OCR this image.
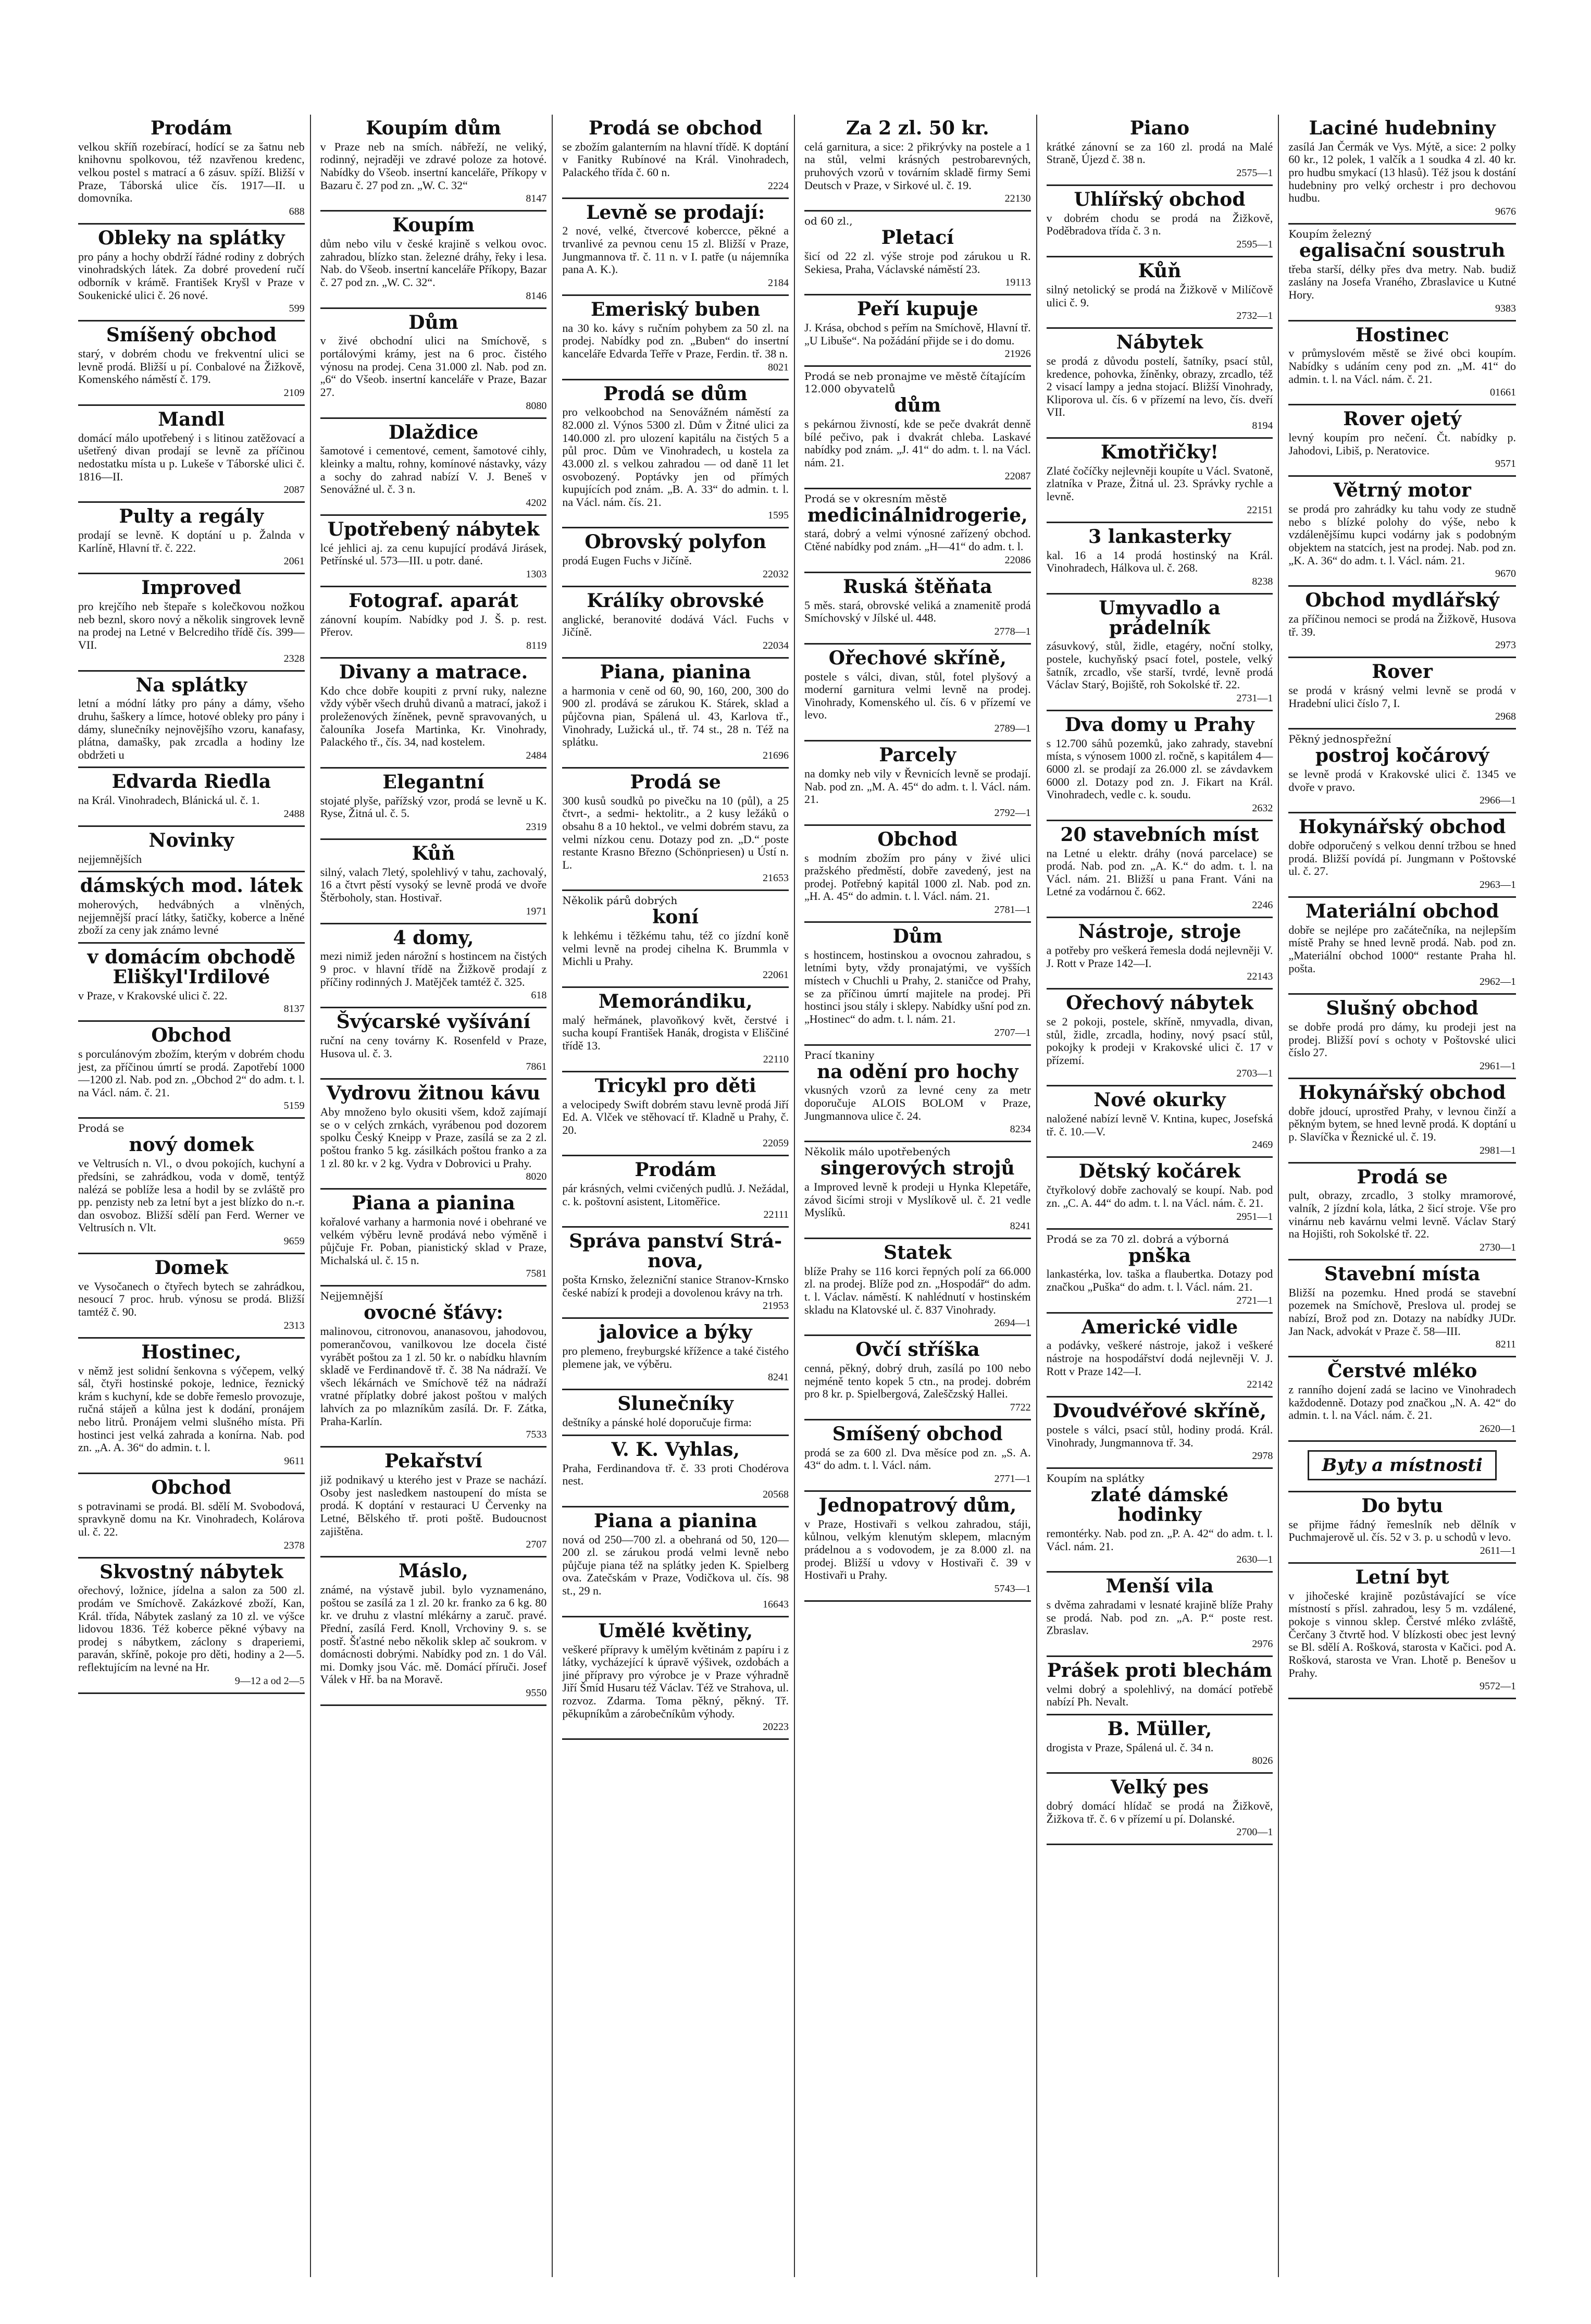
Prodám

velkou skříň rozebírací, hodící se za šatnu neb knihovnu spolkovou, též nzavřenou kredenc, velkou postel s matrací a 6 zásuv. spíží. Bližší v Praze, Táborská ulice čís. 1917—II. u domovníka.

688
Obleky na splátky

pro pány a hochy obdrží řádné rodiny z dobrých vinohradských látek. Za dobré provedení ručí odborník v krámě. František Kryšl v Praze v Soukenické ulici č. 26 nové.

599
Smíšený obchod

starý, v dobrém chodu ve frekventní ulici se levně prodá. Bližší u pí. Conbalové na Žižkově, Komenského náměstí č. 179.

2109
Mandl

domácí málo upotřebený i s litinou zatěžovací a ušetřený divan prodají se levně za příčinou nedostatku místa u p. Lukeše v Táborské ulici č. 1816—II.

2087
Pulty a regály

prodají se levně. K doptání u p. Žalnda v Karlíně, Hlavní tř. č. 222.

2061
Improved

pro krejčího neb štepaře s kolečkovou nožkou neb beznl, skoro nový a několik singrovek levně na prodej na Letné v Belcrediho třídě čís. 399—VII.

2328
Na splátky

letní a módní látky pro pány a dámy, všeho druhu, šaškery a límce, hotové obleky pro pány i dámy, slunečníky nejnovějšího vzoru, kanafasy, plátna, damašky, pak zrcadla a hodiny lze obdržeti u

Edvarda Riedla

na Král. Vinohradech, Blánická ul. č. 1.

2488
Novinky

nejjemnějších

dámských mod. látek

moherových, hedvábných a vlněných, nejjemnější prací látky, šatičky, koberce a lněné zboží za ceny jak známo levné

v domácím obchodě Eliškyl'Irdilové

v Praze, v Krakovské ulici č. 22.

8137
Obchod

s porculánovým zbožím, kterým v dobrém chodu jest, za příčinou úmrtí se prodá. Zapotřebí 1000—1200 zl. Nab. pod zn. „Obchod 2“ do adm. t. l. na Václ. nám. č. 21.

5159
Prodá se
nový domek

ve Veltrusích n. Vl., o dvou pokojích, kuchyní a předsíni, se zahrádkou, voda v domě, tentýž nalézá se poblíže lesa a hodil by se zvláště pro pp. penzisty neb za letní byt a jest blízko do n.-r. dan osvoboz. Bližší sdělí pan Ferd. Werner ve Veltrusích n. Vlt.

9659
Domek

ve Vysočanech o čtyřech bytech se zahrádkou, nesoucí 7 proc. hrub. výnosu se prodá. Bližší tamtéž č. 90.

2313
Hostinec,

v němž jest solidní šenkovna s výčepem, velký sál, čtyři hostinské pokoje, lednice, řeznický krám s kuchyní, kde se dobře řemeslo provozuje, ručná stájeň a kůlna jest k dodání, pronájem nebo litrů. Pronájem velmi slušného místa. Při hostinci jest velká zahrada a konírna. Nab. pod zn. „A. A. 36“ do admin. t. l.

9611
Obchod

s potravinami se prodá. Bl. sdělí M. Svobodová, spravkyně domu na Kr. Vinohradech, Kolárova ul. č. 22.

2378
Skvostný nábytek

ořechový, ložnice, jídelna a salon za 500 zl. prodám ve Smíchově. Zakázkové zboží, Kan, Král. třída, Nábytek zaslaný za 10 zl. ve výšce lidovou 1836. Též koberce pěkné výbavy na prodej s nábytkem, záclony s draperiemi, paraván, skříně, pokoje pro děti, hodiny a 2—5. reflektujícím na levné na Hr.

9—12 a od 2—5
Koupím dům

v Praze neb na smích. nábřeží, ne veliký, rodinný, nejraději ve zdravé poloze za hotové. Nabídky do Všeob. insertní kanceláře, Příkopy v Bazaru č. 27 pod zn. „W. C. 32“

8147
Koupím

dům nebo vilu v české krajině s velkou ovoc. zahradou, blízko stan. železné dráhy, řeky i lesa. Nab. do Všeob. insertní kanceláře Příkopy, Bazar č. 27 pod zn. „W. C. 32“.

8146
Dům

v živé obchodní ulici na Smíchově, s portálovými krámy, jest na 6 proc. čistého výnosu na prodej. Cena 31.000 zl. Nab. pod zn. „6“ do Všeob. insertní kanceláře v Praze, Bazar 27.

8080
Dlaždice

šamotové i cementové, cement, šamotové cihly, kleinky a maltu, rohny, komínové nástavky, vázy a sochy do zahrad nabízí V. J. Beneš v Senovážné ul. č. 3 n.

4202
Upotřebený nábytek

lcé jehlici aj. za cenu kupující prodává Jirásek, Petřínské ul. 573—III. u potr. dané.

1303
Fotograf. aparát

zánovní koupím. Nabídky pod J. Š. p. rest. Přerov.

8119
Divany a matrace.

Kdo chce dobře koupiti z první ruky, nalezne vždy výběr všech druhů divanů a matrací, jakož i proleženových žíněnek, pevně spravovaných, u čalouníka Josefa Martinka, Kr. Vinohrady, Palackého tř., čís. 34, nad kostelem.

2484
Elegantní

stojaté plyše, pařížský vzor, prodá se levně u K. Ryse, Žitná ul. č. 5.

2319
Kůň

silný, valach 7letý, spolehlivý v tahu, zachovalý, 16 a čtvrt pěstí vysoký se levně prodá ve dvoře Štěrboholy, stan. Hostivař.

1971
4 domy,

mezi nimiž jeden nárožní s hostincem na čistých 9 proc. v hlavní třídě na Žižkově prodají z příčiny rodinných J. Matějček tamtéž č. 325.

618
Švýcarské vyšívání

ruční na ceny továrny K. Rosenfeld v Praze, Husova ul. č. 3.

7861
Vydrovu žitnou kávu

Aby množeno bylo okusiti všem, kdož zajímají se o v celých zrnkách, vyrábenou pod dozorem spolku Český Kneipp v Praze, zasílá se za 2 zl. poštou franko 5 kg. zásilkách poštou franko a za 1 zl. 80 kr. v 2 kg. Vydra v Dobrovici u Prahy.

8020
Piana a pianina

kořalové varhany a harmonia nové i obehrané ve velkém výběru levně prodává nebo výměně i půjčuje Fr. Poban, pianistický sklad v Praze, Michalská ul. č. 15 n.

7581
Nejjemnější
ovocné šťávy:

malinovou, citronovou, ananasovou, jahodovou, pomerančovou, vanilkovou lze docela čisté vyrábět poštou za 1 zl. 50 kr. o nabídku hlavním skladě ve Ferdinandově tř. č. 38 Na nádraží. Ve všech lékárnách ve Smíchově též na nádraží vratné příplatky dobré jakost poštou v malých lahvích za po mlazníkům zasílá. Dr. F. Zátka, Praha-Karlín.

7533
Pekařství

již podnikavý u kterého jest v Praze se nachází. Osoby jest nasledkem nastoupení do místa se prodá. K doptání v restauraci U Červenky na Letné, Bělského tř. proti poště. Budoucnost zajištěna.

2707
Máslo,

známé, na výstavě jubil. bylo vyznamenáno, poštou se zasílá za 1 zl. 20 kr. franko za 6 kg. 80 kr. ve druhu z vlastní mlékárny a zaruč. pravé. Přední, zasílá Ferd. Knoll, Vrchoviny 9. s. se postř. Šťastné nebo několik sklep ač soukrom. v domácnosti dobrými. Nabídky pod zn. 1 do Vál. mi. Domky jsou Vác. mě. Domácí příruči. Josef Válek v Hř. ba na Moravě.

9550
Prodá se obchod

se zbožím galanterním na hlavní třídě. K doptání v Fanitky Rubínové na Král. Vinohradech, Palackého třída č. 60 n.

2224
Levně se prodají:

2 nové, velké, čtvercové kobercce, pěkné a trvanlivé za pevnou cenu 15 zl. Bližší v Praze, Jungmannova tř. č. 11 n. v I. patře (u nájemníka pana A. K.).

2184
Emeriský buben

na 30 ko. kávy s ručním pohybem za 50 zl. na prodej. Nabídky pod zn. „Buben“ do insertní kanceláře Edvarda Teřře v Praze, Ferdin. tř. 38 n.

8021
Prodá se dům

pro velkoobchod na Senovážném náměstí za 82.000 zl. Výnos 5300 zl. Dům v Žitné ulici za 140.000 zl. pro ulození kapitálu na čistých 5 a půl proc. Dům ve Vinohradech, u kostela za 43.000 zl. s velkou zahradou — od daně 11 let osvobozený. Poptávky jen od přímých kupujících pod znám. „B. A. 33“ do admin. t. l. na Václ. nám. čís. 21.

1595
Obrovský polyfon

prodá Eugen Fuchs v Jičíně.

22032
Králíky obrovské

anglické, beranovité dodává Václ. Fuchs v Jičíně.

22034
Piana, pianina

a harmonia v ceně od 60, 90, 160, 200, 300 do 900 zl. prodává se zárukou K. Stárek, sklad a půjčovna pian, Spálená ul. 43, Karlova tř., Vinohrady, Lužická ul., tř. 74 st., 28 n. Též na splátku.

21696
Prodá se

300 kusů soudků po pivečku na 10 (půl), a 25 čtvrt-, a sedmi- hektolitr., a 2 kusy ležáků o obsahu 8 a 10 hektol., ve velmi dobrém stavu, za velmi nízkou cenu. Dotazy pod zn. „D.“ poste restante Krasno Březno (Schönpriesen) u Ústí n. L.

21653
Několik párů dobrých
koní

k lehkému i těžkému tahu, též co jízdní koně velmi levně na prodej cihelna K. Brummla v Michli u Prahy.

22061
Memorándiku,

malý heřmánek, plavoňkový květ, čerstvé i sucha koupí František Hanák, drogista v Eliščiné třídě 13.

22110
Tricykl pro děti

a velocipedy Swift dobrém stavu levně prodá Jiří Ed. A. Vlček ve stěhovací tř. Kladně u Prahy, č. 20.

22059
Prodám

pár krásných, velmi cvičených pudlů. J. Nežádal, c. k. poštovní asistent, Litoměřice.

22111
Správa panství Strá-nova,

pošta Krnsko, železniční stanice Stranov-Krnsko české nabízí k prodeji a dovolenou krávy na trh.

21953
jalovice a býky

pro plemeno, freyburgské křížence a také čistého plemene jak, ve výběru.

8241
Slunečníky

deštníky a pánské holé doporučuje firma:

V. K. Vyhlas,

Praha, Ferdinandova tř. č. 33 proti Chodérova nest.

20568
Piana a pianina

nová od 250—700 zl. a obehraná od 50, 120—200 zl. se zárukou prodá velmi levně nebo půjčuje piana též na splátky jeden K. Spielberg ova. Zatečskám v Praze, Vodičkova ul. čís. 98 st., 29 n.

16643
Umělé květiny,

veškeré přípravy k umělým květinám z papíru i z látky, vycházející k úpravě výšivek, ozdobách a jiné přípravy pro výrobce je v Praze výhradně Jiří Šmíd Husaru též Václav. Též ve Strahova, ul. rozvoz. Zdarma. Toma pěkný, pěkný. Tř. pěkupníkům a zárobečníkům výhody.

20223
Za 2 zl. 50 kr.

celá garnitura, a sice: 2 přikrývky na postele a 1 na stůl, velmi krásných pestrobarevných, pruhových vzorů v továrním skladě firmy Semi Deutsch v Praze, v Sirkové ul. č. 19.

22130
od 60 zl.,
Pletací

šicí od 22 zl. výše stroje pod zárukou u R. Sekiesa, Praha, Václavské náměstí 23.

19113
Peří kupuje

J. Krása, obchod s peřím na Smíchově, Hlavní tř. „U Libuše“. Na požádání přijde se i do domu.

21926
Prodá se neb pronajme ve městě čítajícím 12.000 obyvatelů
dům

s pekárnou živností, kde se peče dvakrát denně bílé pečivo, pak i dvakrát chleba. Laskavé nabídky pod znám. „J. 41“ do adm. t. l. na Václ. nám. 21.

22087
Prodá se v okresním městě
medicinálnidrogerie,

stará, dobrý a velmi výnosné zařízený obchod. Ctěné nabídky pod znám. „H—41“ do adm. t. l.

22086
Ruská štěňata

5 měs. stará, obrovské veliká a znamenitě prodá Smíchovský v Jílské ul. 448.

2778—1
Ořechové skříně,

postele s válci, divan, stůl, fotel plyšový a moderní garnitura velmi levně na prodej. Vinohrady, Komenského ul. čís. 6 v přízemí ve levo.

2789—1
Parcely

na domky neb vily v Řevnicích levně se prodají. Nab. pod zn. „M. A. 45“ do adm. t. l. Václ. nám. 21.

2792—1
Obchod

s modním zbožím pro pány v živé ulici pražského předměstí, dobře zavedený, jest na prodej. Potřebný kapitál 1000 zl. Nab. pod zn. „H. A. 45“ do admin. t. l. Václ. nám. 21.

2781—1
Dům

s hostincem, hostinskou a ovocnou zahradou, s letními byty, vždy pronajatými, ve vyšších místech v Chuchli u Prahy, 2. staničce od Prahy, se za příčinou úmrtí majitele na prodej. Při hostinci jsou stály i sklepy. Nabídky ušní pod zn. „Hostinec“ do adm. t. l. nám. 21.

2707—1
Prací tkaniny
na odění pro hochy

vkusných vzorů za levné ceny za metr doporučuje ALOIS BOLOM v Praze, Jungmannova ulice č. 24.

8234
Několik málo upotřebených
singerových strojů

a Improved levně k prodeji u Hynka Klepetáře, závod šicími stroji v Myslíkově ul. č. 21 vedle Myslíků.

8241
Statek

blíže Prahy se 116 korci řepných polí za 66.000 zl. na prodej. Blíže pod zn. „Hospodář“ do adm. t. l. Václav. náměstí. K nahlédnutí v hostinském skladu na Klatovské ul. č. 837 Vinohrady.

2694—1
Ovčí stříška

cenná, pěkný, dobrý druh, zasílá po 100 nebo nejméně tento kopek 5 ctn., na prodej. dobrém pro 8 kr. p. Spielbergová, Zaleščzský Hallei.

7722
Smíšený obchod

prodá se za 600 zl. Dva měsíce pod zn. „S. A. 43“ do adm. t. l. Václ. nám.

2771—1
Jednopatrový dům,

v Praze, Hostivaři s velkou zahradou, stáji, kůlnou, velkým klenutým sklepem, mlacným prádelnou a s vodovodem, je za 8.000 zl. na prodej. Bližší u vdovy v Hostivaři č. 39 v Hostivaři u Prahy.

5743—1
Piano

krátké zánovní se za 160 zl. prodá na Malé Straně, Újezd č. 38 n.

2575—1
Uhlířský obchod

v dobrém chodu se prodá na Žižkově, Poděbradova třída č. 3 n.

2595—1
Kůň

silný netolický se prodá na Žižkově v Milíčově ulici č. 9.

2732—1
Nábytek

se prodá z důvodu postelí, šatníky, psací stůl, kredence, pohovka, žíněnky, obrazy, zrcadlo, též 2 visací lampy a jedna stojací. Bližší Vinohrady, Kliporova ul. čís. 6 v přízemí na levo, čís. dveří VII.

8194
Kmotřičky!

Zlaté čočíčky nejlevněji koupíte u Václ. Svatoně, zlatníka v Praze, Žitná ul. 23. Správky rychle a levně.

22151
3 lankasterky

kal. 16 a 14 prodá hostinský na Král. Vinohradech, Hálkova ul. č. 268.

8238
Umyvadlo a prádelník

zásuvkový, stůl, židle, etagéry, noční stolky, postele, kuchyňský psací fotel, postele, velký šatník, zrcadlo, vše starší, tvrdé, levně prodá Václav Starý, Bojiště, roh Sokolské tř. 22.

2731—1
Dva domy u Prahy

s 12.700 sáhů pozemků, jako zahrady, stavební místa, s výnosem 1000 zl. ročně, s kapitálem 4—6000 zl. se prodají za 26.000 zl. se závdavkem 6000 zl. Dotazy pod zn. J. Fikart na Král. Vinohradech, vedle c. k. soudu.

2632
20 stavebních míst

na Letné u elektr. dráhy (nová parcelace) se prodá. Nab. pod zn. „A. K.“ do adm. t. l. na Václ. nám. 21. Bližší u pana Frant. Váni na Letné za vodárnou č. 662.

2246
Nástroje, stroje

a potřeby pro veškerá řemesla dodá nejlevněji V. J. Rott v Praze 142—I.

22143
Ořechový nábytek

se 2 pokoji, postele, skříně, nmyvadla, divan, stůl, židle, zrcadla, hodiny, nový psací stůl, pokojky k prodeji v Krakovské ulici č. 17 v přízemí.

2703—1
Nové okurky

naložené nabízí levně V. Kntina, kupec, Josefská tř. č. 10.—V.

2469
Dětský kočárek

čtyřkolový dobře zachovalý se koupí. Nab. pod zn. „C. A. 44“ do adm. t. l. na Václ. nám. č. 21.

2951—1
Prodá se za 70 zl. dobrá a výborná
pnška

lankastérka, lov. taška a flaubertka. Dotazy pod značkou „Puška“ do adm. t. l. Václ. nám. 21.

2721—1
Americké vidle

a podávky, veškeré nástroje, jakož i veškeré nástroje na hospodářství dodá nejlevněji V. J. Rott v Praze 142—I.

22142
Dvoudvéřové skříně,

postele s válci, psací stůl, hodiny prodá. Král. Vinohrady, Jungmannova tř. 34.

2978
Koupím na splátky
zlaté dámské hodinky

remontérky. Nab. pod zn. „P. A. 42“ do adm. t. l. Václ. nám. 21.

2630—1
Menší vila

s dvěma zahradami v lesnaté krajině blíže Prahy se prodá. Nab. pod zn. „A. P.“ poste rest. Zbraslav.

2976
Prášek proti blechám

velmi dobrý a spolehlivý, na domácí potřebě nabízí Ph. Nevalt.

B. Müller,

drogista v Praze, Spálená ul. č. 34 n.

8026
Velký pes

dobrý domácí hlídač se prodá na Žižkově, Žižkova tř. č. 6 v přízemí u pí. Dolanské.

2700—1
Laciné hudebniny

zasílá Jan Čermák ve Vys. Mýtě, a sice: 2 polky 60 kr., 12 polek, 1 valčík a 1 soudka 4 zl. 40 kr. pro hudbu smykací (13 hlasů). Též jsou k dostání hudebniny pro velký orchestr i pro dechovou hudbu.

9676
Koupím železný
egalisační soustruh

třeba starší, délky přes dva metry. Nab. budiž zaslány na Josefa Vraného, Zbraslavice u Kutné Hory.

9383
Hostinec

v průmyslovém městě se živé obci koupím. Nabídky s udáním ceny pod zn. „M. 41“ do admin. t. l. na Václ. nám. č. 21.

01661
Rover ojetý

levný koupím pro nečení. Čt. nabídky p. Jahodovi, Libiš, p. Neratovice.

9571
Větrný motor

se prodá pro zahrádky ku tahu vody ze studně nebo s blízké polohy do výše, nebo k vzdálenějšímu kupci vodárny jak s podobným objektem na statcích, jest na prodej. Nab. pod zn. „K. A. 36“ do adm. t. l. Václ. nám. 21.

9670
Obchod mydlářský

za příčinou nemoci se prodá na Žižkově, Husova tř. 39.

2973
Rover

se prodá v krásný velmi levně se prodá v Hradební ulici číslo 7, I.

2968
Pěkný jednospřežní
postroj kočárový

se levně prodá v Krakovské ulici č. 1345 ve dvoře v pravo.

2966—1
Hokynářský obchod

dobře odporučený s velkou denní tržbou se hned prodá. Bližší povídá pí. Jungmann v Poštovské ul. č. 27.

2963—1
Materiální obchod

dobře se nejlépe pro začátečníka, na nejlepším místě Prahy se hned levně prodá. Nab. pod zn. „Materiální obchod 1000“ restante Praha hl. pošta.

2962—1
Slušný obchod

se dobře prodá pro dámy, ku prodeji jest na prodej. Bližší poví s ochoty v Poštovské ulici číslo 27.

2961—1
Hokynářský obchod

dobře jdoucí, uprostřed Prahy, v levnou činží a pěkným bytem, se hned levně prodá. K doptání u p. Slavíčka v Řeznické ul. č. 19.

2981—1
Prodá se

pult, obrazy, zrcadlo, 3 stolky mramorové, valník, 2 jízdní kola, látka, 2 šicí stroje. Vše pro vinárnu neb kavárnu velmi levně. Václav Starý na Hojišti, roh Sokolské tř. 22.

2730—1
Stavební místa

Bližší na pozemku. Hned prodá se stavební pozemek na Smíchově, Preslova ul. prodej se nabízí, Brož pod zn. Dotazy na nabídky JUDr. Jan Nack, advokát v Praze č. 58—III.

8211
Čerstvé mléko

z ranního dojení zadá se lacino ve Vinohradech každodenně. Dotazy pod značkou „N. A. 42“ do admin. t. l. na Václ. nám. č. 21.

2620—1
Byty a místnosti
Do bytu

se přijme řádný řemeslník neb dělník v Puchmajerově ul. čís. 52 v 3. p. u schodů v levo.

2611—1
Letní byt

v jihočeské krajině pozůstávající se více místností s přísl. zahradou, lesy 5 m. vzdálené, pokoje s vinnou sklep. Čerstvé mléko zvláště, Čerčany 3 čtvrtě hod. V blízkosti obec jest levný se Bl. sdělí A. Rošková, starosta v Kačici. pod A. Rošková, starosta ve Vran. Lhotě p. Benešov u Prahy.

9572—1
